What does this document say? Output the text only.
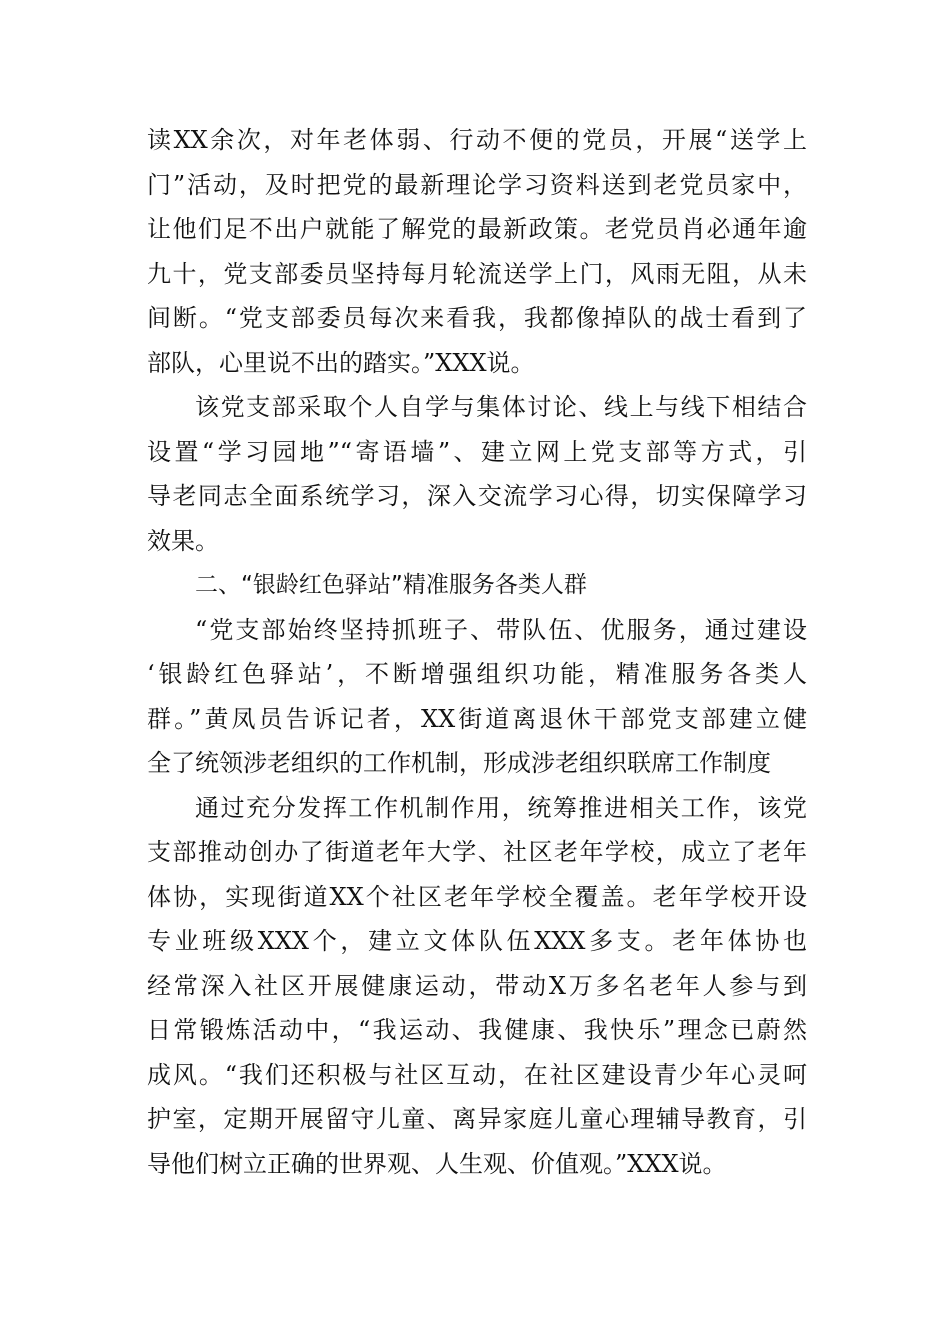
读XX余次，对年老体弱、行动不便的党员，开展“送学上
门”活动，及时把党的最新理论学习资料送到老党员家中，
让他们足不出户就能了解党的最新政策。老党员肖必通年逾
九十，党支部委员坚持每月轮流送学上门，风雨无阻，从未
间断。“党支部委员每次来看我，我都像掉队的战士看到了
部队，心里说不出的踏实。”XXX说。
该党支部采取个人自学与集体讨论、线上与线下相结合
设置“学习园地”“寄语墙”、建立网上党支部等方式，引
导老同志全面系统学习，深入交流学习心得，切实保障学习
效果。
二、“银龄红色驿站”精准服务各类人群
“党支部始终坚持抓班子、带队伍、优服务，通过建设
‘银龄红色驿站’，不断增强组织功能，精准服务各类人
群。”黄凤员告诉记者，XX街道离退休干部党支部建立健
全了统领涉老组织的工作机制，形成涉老组织联席工作制度
通过充分发挥工作机制作用，统筹推进相关工作，该党
支部推动创办了街道老年大学、社区老年学校，成立了老年
体协，实现街道XX个社区老年学校全覆盖。老年学校开设
专业班级XXX个，建立文体队伍XXX多支。老年体协也
经常深入社区开展健康运动，带动X万多名老年人参与到
日常锻炼活动中，“我运动、我健康、我快乐”理念已蔚然
成风。“我们还积极与社区互动，在社区建设青少年心灵呵
护室，定期开展留守儿童、离异家庭儿童心理辅导教育，引
导他们树立正确的世界观、人生观、价值观。”XXX说。
